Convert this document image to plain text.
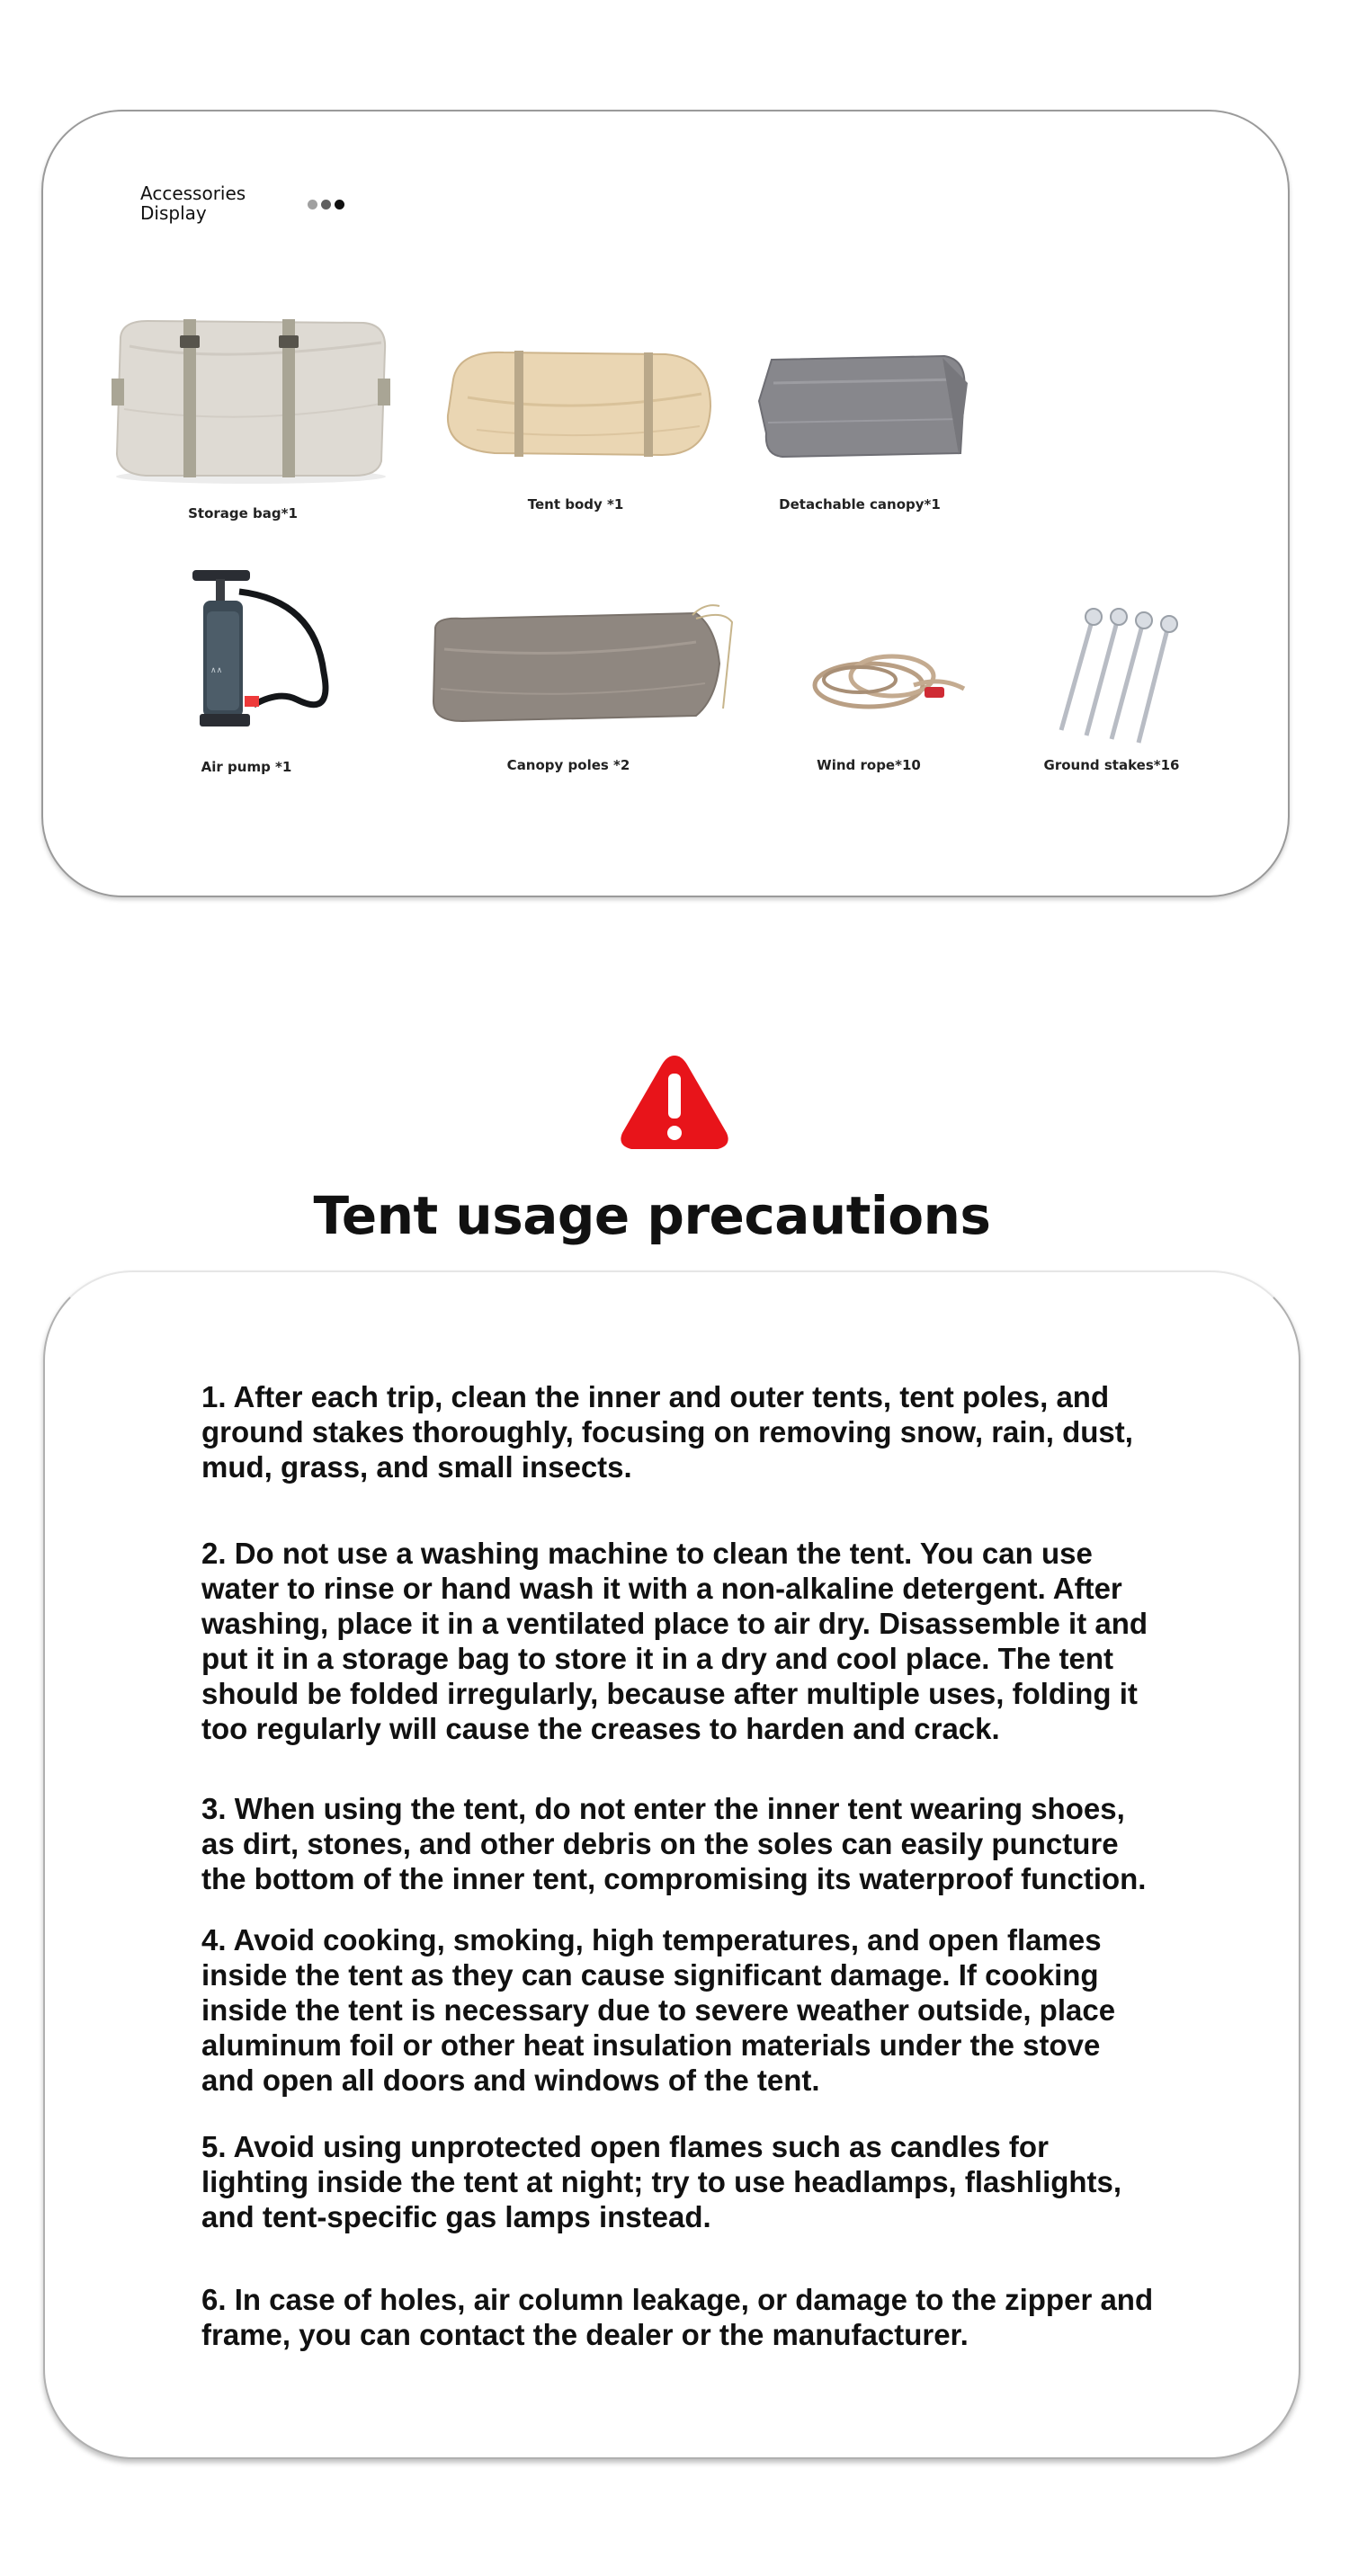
Accessories Display
∧∧
Storage bag*1
Tent body *1	Detachable canopy*1
Air pump *1	Canopy poles *2	Wind rope*10	Ground stakes*16
Tent usage precautions
1. After each trip, clean the inner and outer tents, tent poles, and ground stakes thoroughly, focusing on removing snow, rain, dust, mud, grass, and small insects.
2. Do not use a washing machine to clean the tent. You can use water to rinse or hand wash it with a non-alkaline detergent. After washing, place it in a ventilated place to air dry. Disassemble it and put it in a storage bag to store it in a dry and cool place. The tent should be folded irregularly, because after multiple uses, folding it too regularly will cause the creases to harden and crack.
3. When using the tent, do not enter the inner tent wearing shoes, as dirt, stones, and other debris on the soles can easily puncture the bottom of the inner tent, compromising its waterproof function.
4. Avoid cooking, smoking, high temperatures, and open flames inside the tent as they can cause significant damage. If cooking inside the tent is necessary due to severe weather outside, place aluminum foil or other heat insulation materials under the stove and open all doors and windows of the tent.
5. Avoid using unprotected open flames such as candles for lighting inside the tent at night; try to use headlamps, flashlights, and tent-specific gas lamps instead.
6. In case of holes, air column leakage, or damage to the zipper and frame, you can contact the dealer or the manufacturer.
